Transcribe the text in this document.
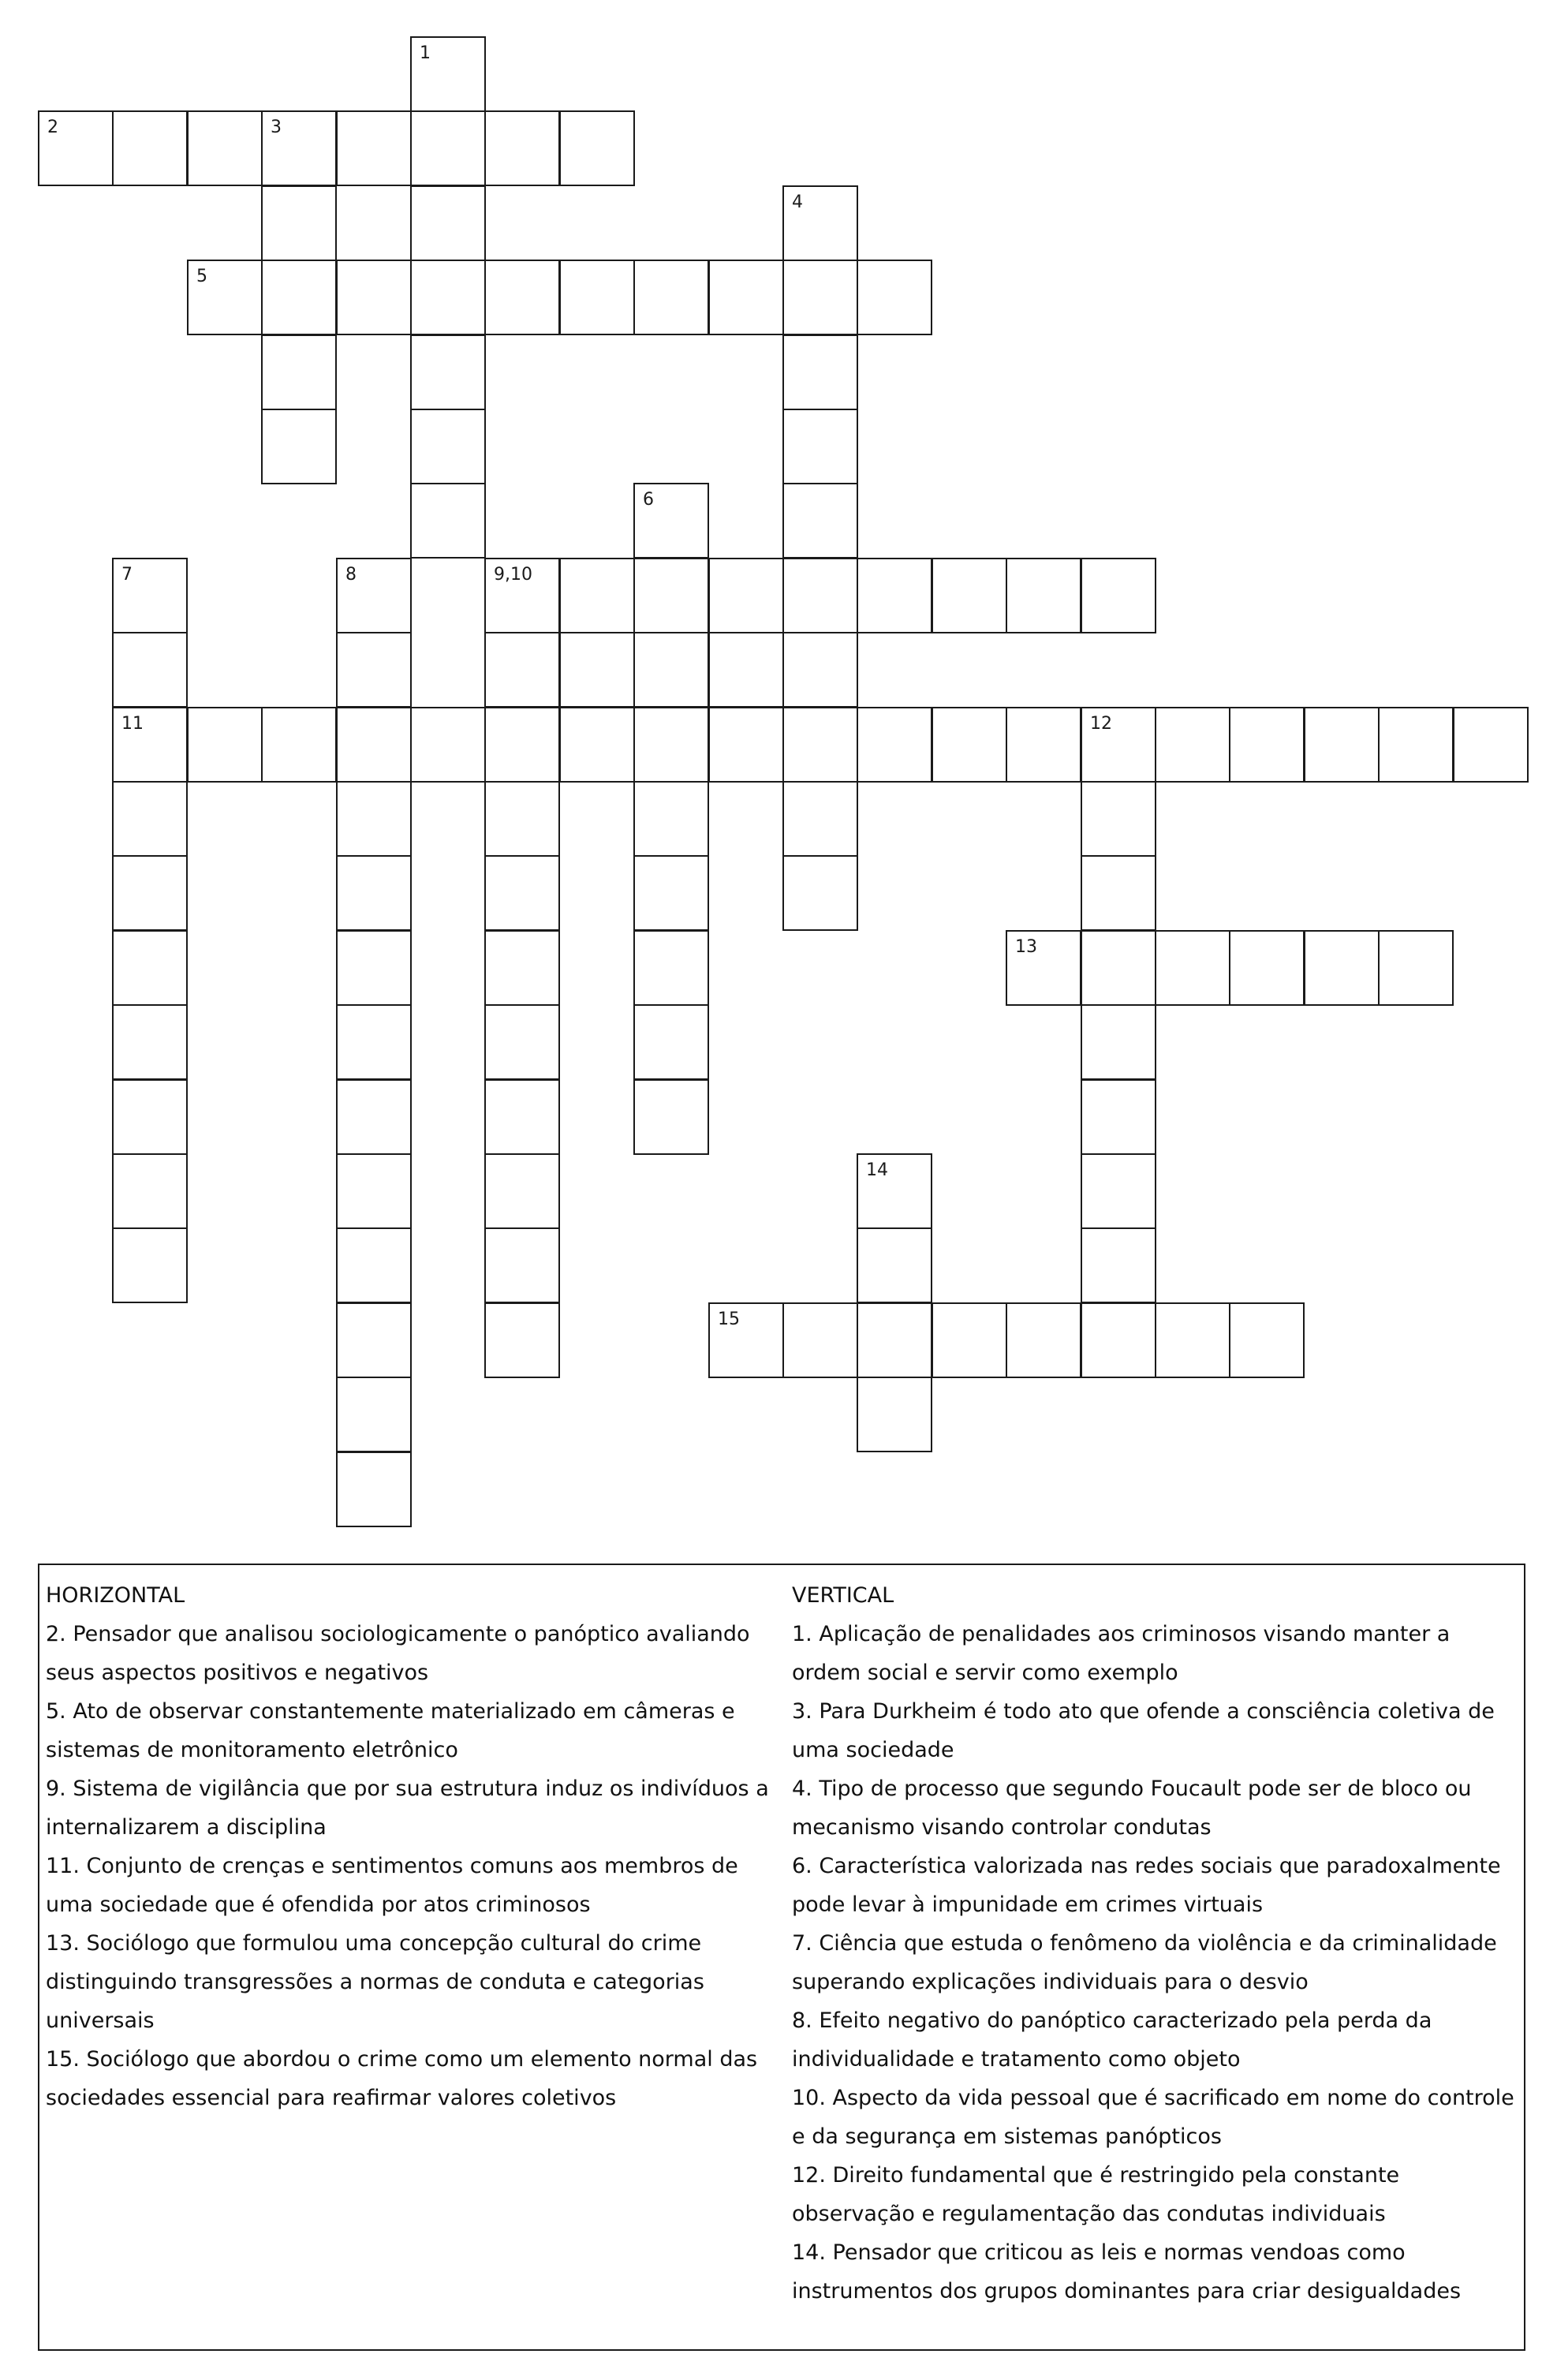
1
2	3
4
5
6
7	8	9,10
11	12
13
14
15
HORIZONTAL
2. Pensador que analisou sociologicamente o panóptico avaliando seus aspectos positivos e negativos
5. Ato de observar constantemente materializado em câmeras e sistemas de monitoramento eletrônico
9. Sistema de vigilância que por sua estrutura induz os indivíduos a internalizarem a disciplina
11. Conjunto de crenças e sentimentos comuns aos membros de uma sociedade que é ofendida por atos criminosos
13. Sociólogo que formulou uma concepção cultural do crime distinguindo transgressões a normas de conduta e categorias universais
15. Sociólogo que abordou o crime como um elemento normal das sociedades essencial para reafirmar valores coletivos
VERTICAL
1. Aplicação de penalidades aos criminosos visando manter a ordem social e servir como exemplo
3. Para Durkheim é todo ato que ofende a consciência coletiva de uma sociedade
4. Tipo de processo que segundo Foucault pode ser de bloco ou mecanismo visando controlar condutas
6. Característica valorizada nas redes sociais que paradoxalmente pode levar à impunidade em crimes virtuais
7. Ciência que estuda o fenômeno da violência e da criminalidade superando explicações individuais para o desvio
8. Efeito negativo do panóptico caracterizado pela perda da individualidade e tratamento como objeto
10. Aspecto da vida pessoal que é sacrificado em nome do controle e da segurança em sistemas panópticos
12. Direito fundamental que é restringido pela constante observação e regulamentação das condutas individuais
14. Pensador que criticou as leis e normas vendoas como instrumentos dos grupos dominantes para criar desigualdades
